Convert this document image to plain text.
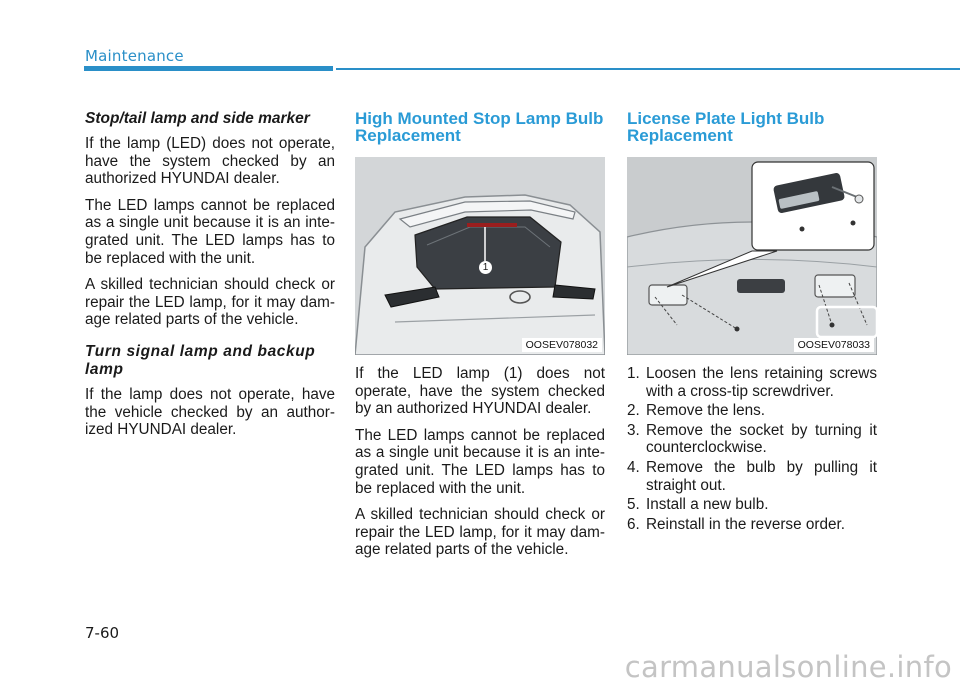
Maintenance
Stop/tail lamp and side marker

If the lamp (LED) does not operate, have the system checked by an authorized HYUNDAI dealer.

The LED lamps cannot be replaced as a single unit because it is an inte-grated unit. The LED lamps has to be replaced with the unit.

A skilled technician should check or repair the LED lamp, for it may dam-age related parts of the vehicle.

Turn signal lamp and backup lamp

If the lamp does not operate, have the vehicle checked by an author-ized HYUNDAI dealer.

High Mounted Stop Lamp Bulb Replacement
1
OOSEV078032

If the LED lamp (1) does not operate, have the system checked by an authorized HYUNDAI dealer.

The LED lamps cannot be replaced as a single unit because it is an inte-grated unit. The LED lamps has to be replaced with the unit.

A skilled technician should check or repair the LED lamp, for it may dam-age related parts of the vehicle.

License Plate Light Bulb Replacement
OOSEV078033
1. Loosen the lens retaining screws with a cross-tip screwdriver.
2. Remove the lens.
3. Remove the socket by turning it counterclockwise.
4. Remove the bulb by pulling it straight out.
5. Install a new bulb.
6. Reinstall in the reverse order.
7-60
carmanualsonline.info
